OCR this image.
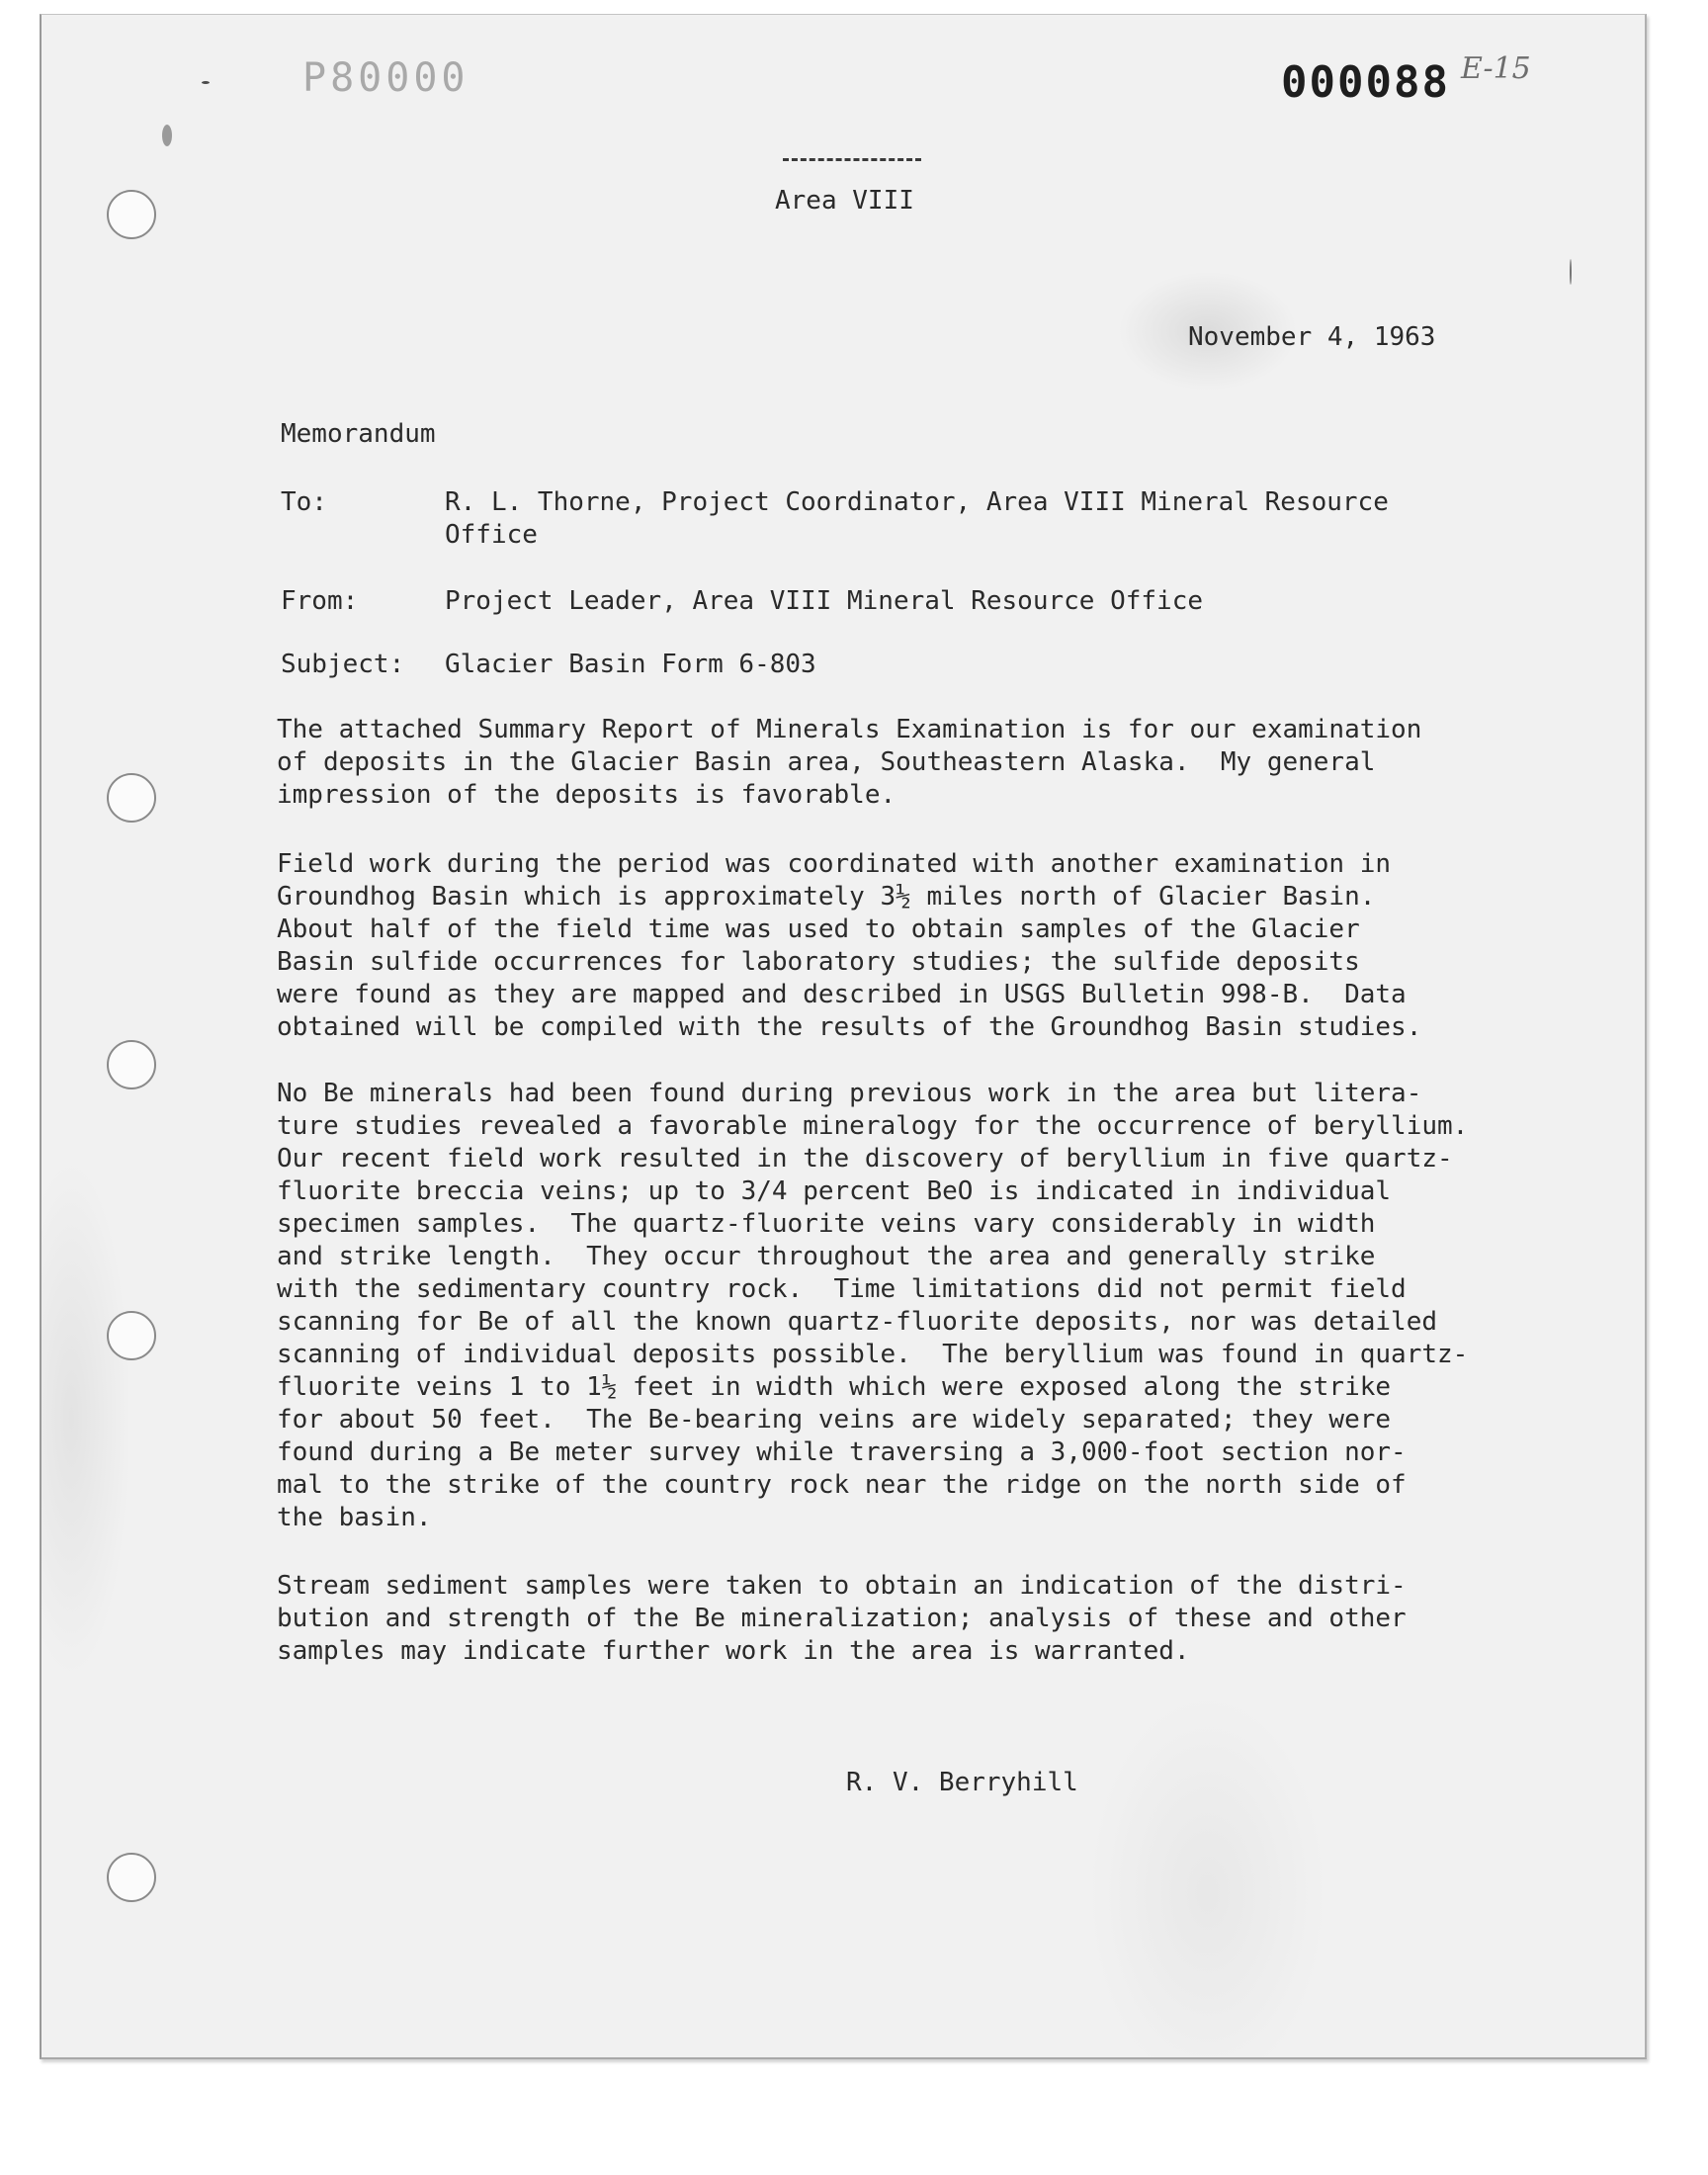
P80000	000088 E-15
Area VIII
November 4, 1963
Memorandum
To:	R. L. Thorne, Project Coordinator, Area VIII Mineral Resource
Office
From:	Project Leader, Area VIII Mineral Resource Office
Subject: Glacier Basin Form 6-803
The attached Summary Report of Minerals Examination is for our examination
of deposits in the Glacier Basin area, Southeastern Alaska.  My general
impression of the deposits is favorable.
Field work during the period was coordinated with another examination in
Groundhog Basin which is approximately 3½ miles north of Glacier Basin.
About half of the field time was used to obtain samples of the Glacier
Basin sulfide occurrences for laboratory studies; the sulfide deposits
were found as they are mapped and described in USGS Bulletin 998-B.  Data
obtained will be compiled with the results of the Groundhog Basin studies.
No Be minerals had been found during previous work in the area but litera-
ture studies revealed a favorable mineralogy for the occurrence of beryllium.
Our recent field work resulted in the discovery of beryllium in five quartz-
fluorite breccia veins; up to 3/4 percent BeO is indicated in individual
specimen samples.  The quartz-fluorite veins vary considerably in width
and strike length.  They occur throughout the area and generally strike
with the sedimentary country rock.  Time limitations did not permit field
scanning for Be of all the known quartz-fluorite deposits, nor was detailed
scanning of individual deposits possible.  The beryllium was found in quartz-
fluorite veins 1 to 1½ feet in width which were exposed along the strike
for about 50 feet.  The Be-bearing veins are widely separated; they were
found during a Be meter survey while traversing a 3,000-foot section nor-
mal to the strike of the country rock near the ridge on the north side of
the basin.
Stream sediment samples were taken to obtain an indication of the distri-
bution and strength of the Be mineralization; analysis of these and other
samples may indicate further work in the area is warranted.
R. V. Berryhill
